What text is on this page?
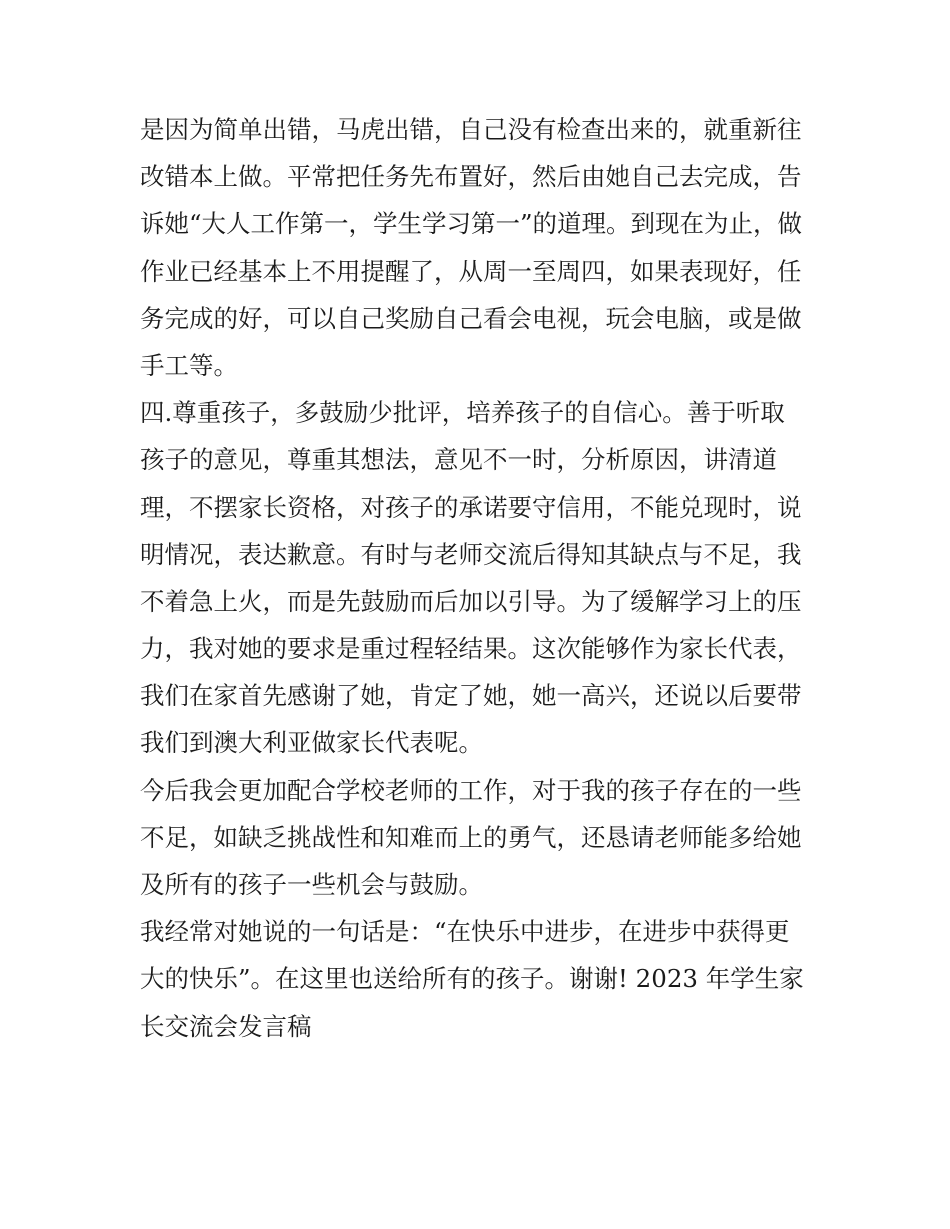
是因为简单出错，马虎出错，自己没有检查出来的，就重新往
改错本上做。平常把任务先布置好，然后由她自己去完成，告
诉她“大人工作第一，学生学习第一”的道理。到现在为止，做
作业已经基本上不用提醒了，从周一至周四，如果表现好，任
务完成的好，可以自己奖励自己看会电视，玩会电脑，或是做
手工等。
四.尊重孩子，多鼓励少批评，培养孩子的自信心。善于听取
孩子的意见，尊重其想法，意见不一时，分析原因，讲清道
理，不摆家长资格，对孩子的承诺要守信用，不能兑现时，说
明情况，表达歉意。有时与老师交流后得知其缺点与不足，我
不着急上火，而是先鼓励而后加以引导。为了缓解学习上的压
力，我对她的要求是重过程轻结果。这次能够作为家长代表，
我们在家首先感谢了她，肯定了她，她一高兴，还说以后要带
我们到澳大利亚做家长代表呢。
今后我会更加配合学校老师的工作，对于我的孩子存在的一些
不足，如缺乏挑战性和知难而上的勇气，还恳请老师能多给她
及所有的孩子一些机会与鼓励。
我经常对她说的一句话是：“在快乐中进步，在进步中获得更
大的快乐”。在这里也送给所有的孩子。谢谢! 2023 年学生家
长交流会发言稿
